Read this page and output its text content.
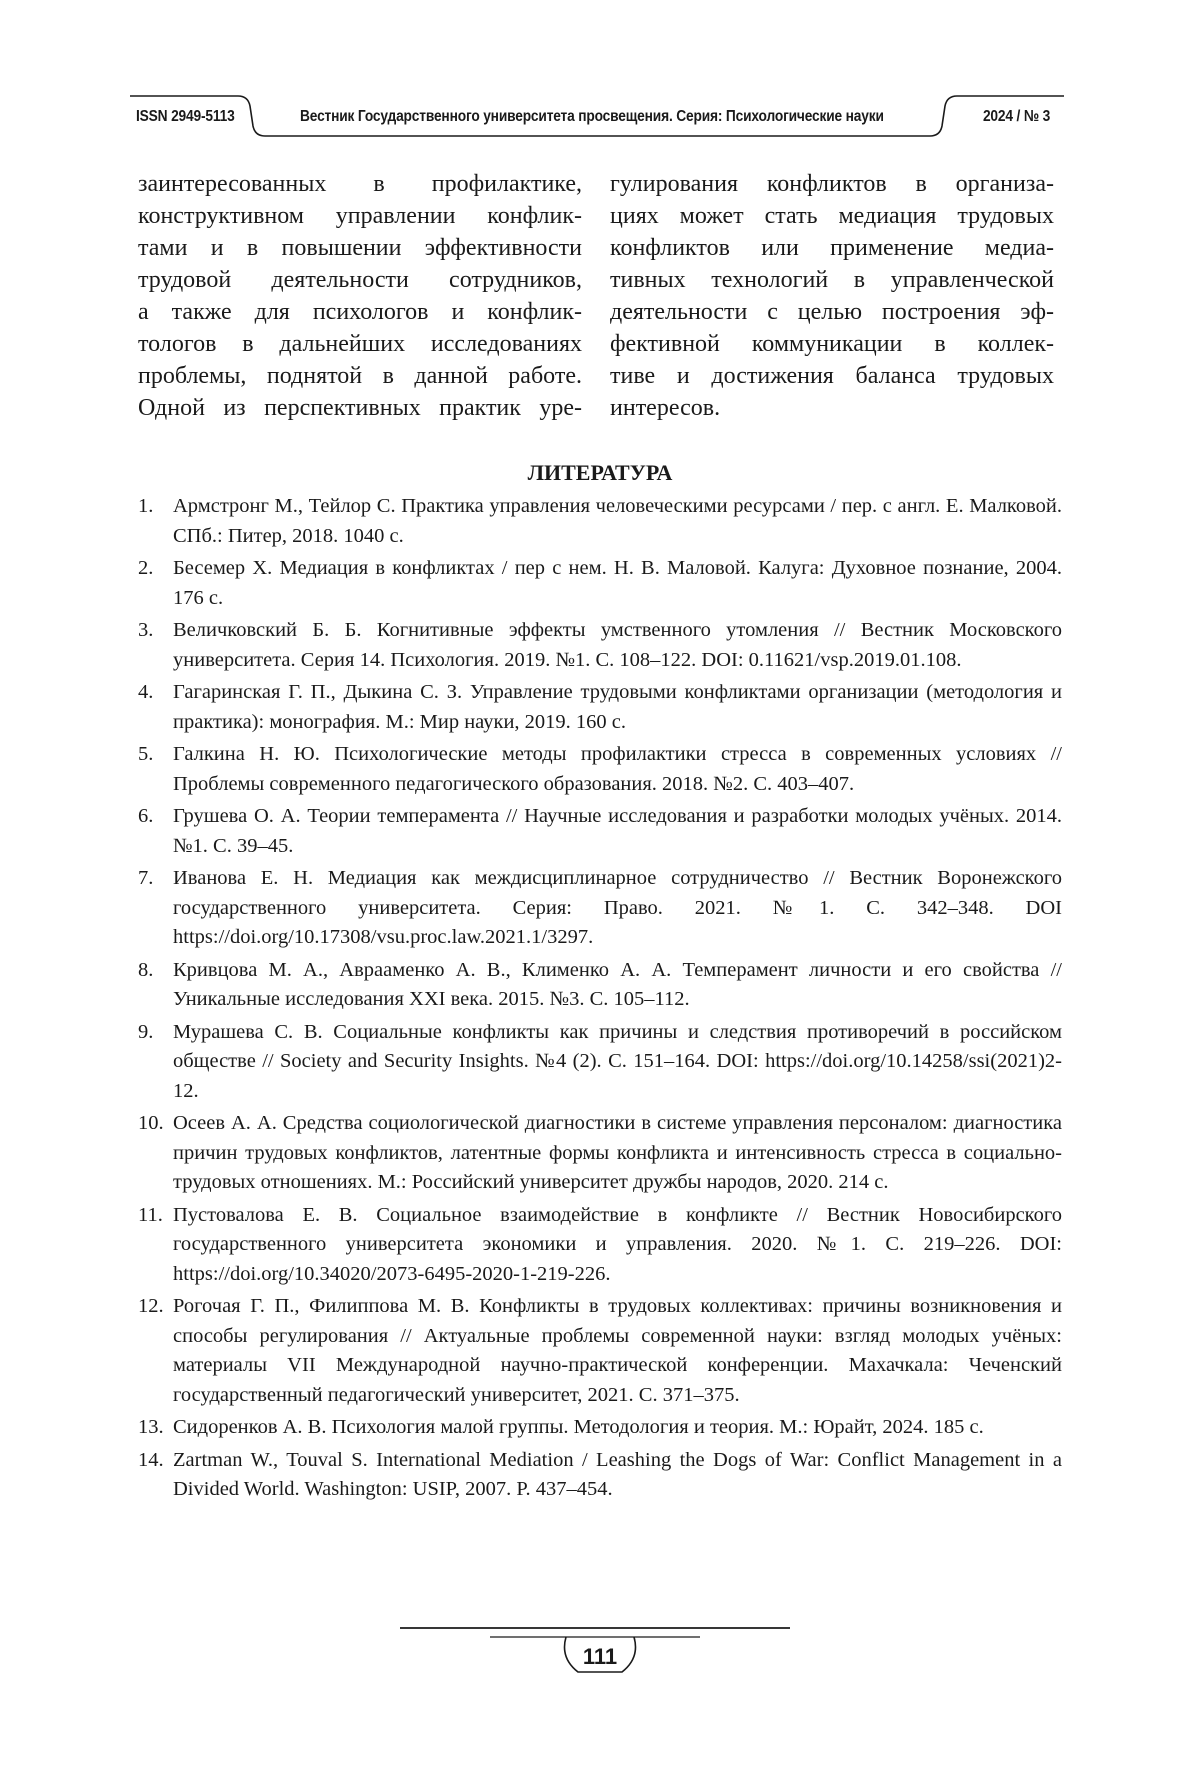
ISSN 2949-5113	Вестник Государственного университета просвещения. Серия: Психологические науки	2024 / № 3
заинтересованных в профилактике,
конструктивном управлении конфлик-
тами и в повышении эффективности
трудовой деятельности сотрудников,
а также для психологов и конфлик-
тологов в дальнейших исследованиях
проблемы, поднятой в данной работе.
Одной из перспективных практик уре-
гулирования конфликтов в организа-
циях может стать медиация трудовых
конфликтов или применение медиа-
тивных технологий в управленческой
деятельности с целью построения эф-
фективной коммуникации в коллек-
тиве и достижения баланса трудовых
интересов.
ЛИТЕРАТУРА
1. Армстронг М., Тейлор С. Практика управления человеческими ресурсами / пер. с англ. Е. Малковой. СПб.: Питер, 2018. 1040 с.
2. Бесемер Х. Медиация в конфликтах / пер с нем. Н. В. Маловой. Калуга: Духовное познание, 2004. 176 с.
3. Величковский Б. Б. Когнитивные эффекты умственного утомления // Вестник Московского университета. Серия 14. Психология. 2019. №1. С. 108–122. DOI: 0.11621/vsp.2019.01.108.
4. Гагаринская Г. П., Дыкина С. З. Управление трудовыми конфликтами организации (методология и практика): монография. М.: Мир науки, 2019. 160 с.
5. Галкина Н. Ю. Психологические методы профилактики стресса в современных условиях // Проблемы современного педагогического образования. 2018. №2. С. 403–407.
6. Грушева О. А. Теории темперамента // Научные исследования и разработки молодых учёных. 2014. №1. С. 39–45.
7. Иванова Е. Н. Медиация как междисциплинарное сотрудничество // Вестник Воронежского государственного университета. Серия: Право. 2021. №1. С. 342–348. DOI https://doi.org/10.17308/vsu.proc.law.2021.1/3297.
8. Кривцова М. А., Аврааменко А. В., Клименко А. А. Темперамент личности и его свойства // Уникальные исследования XXI века. 2015. №3. С. 105–112.
9. Мурашева С. В. Социальные конфликты как причины и следствия противоречий в российском обществе // Society and Security Insights. №4 (2). С. 151–164. DOI: https://doi.org/10.14258/ssi(2021)2-12.
10. Осеев А. А. Средства социологической диагностики в системе управления персоналом: диагностика причин трудовых конфликтов, латентные формы конфликта и интенсивность стресса в социально-трудовых отношениях. М.: Российский университет дружбы народов, 2020. 214 с.
11. Пустовалова Е. В. Социальное взаимодействие в конфликте // Вестник Новосибирского государственного университета экономики и управления. 2020. №1. С. 219–226. DOI: https://doi.org/10.34020/2073-6495-2020-1-219-226.
12. Рогочая Г. П., Филиппова М. В. Конфликты в трудовых коллективах: причины возникновения и способы регулирования // Актуальные проблемы современной науки: взгляд молодых учёных: материалы VII Международной научно-практической конференции. Махачкала: Чеченский государственный педагогический университет, 2021. С. 371–375.
13. Сидоренков А. В. Психология малой группы. Методология и теория. М.: Юрайт, 2024. 185 с.
14. Zartman W., Touval S. International Mediation / Leashing the Dogs of War: Conflict Management in a Divided World. Washington: USIP, 2007. P. 437–454.
111
